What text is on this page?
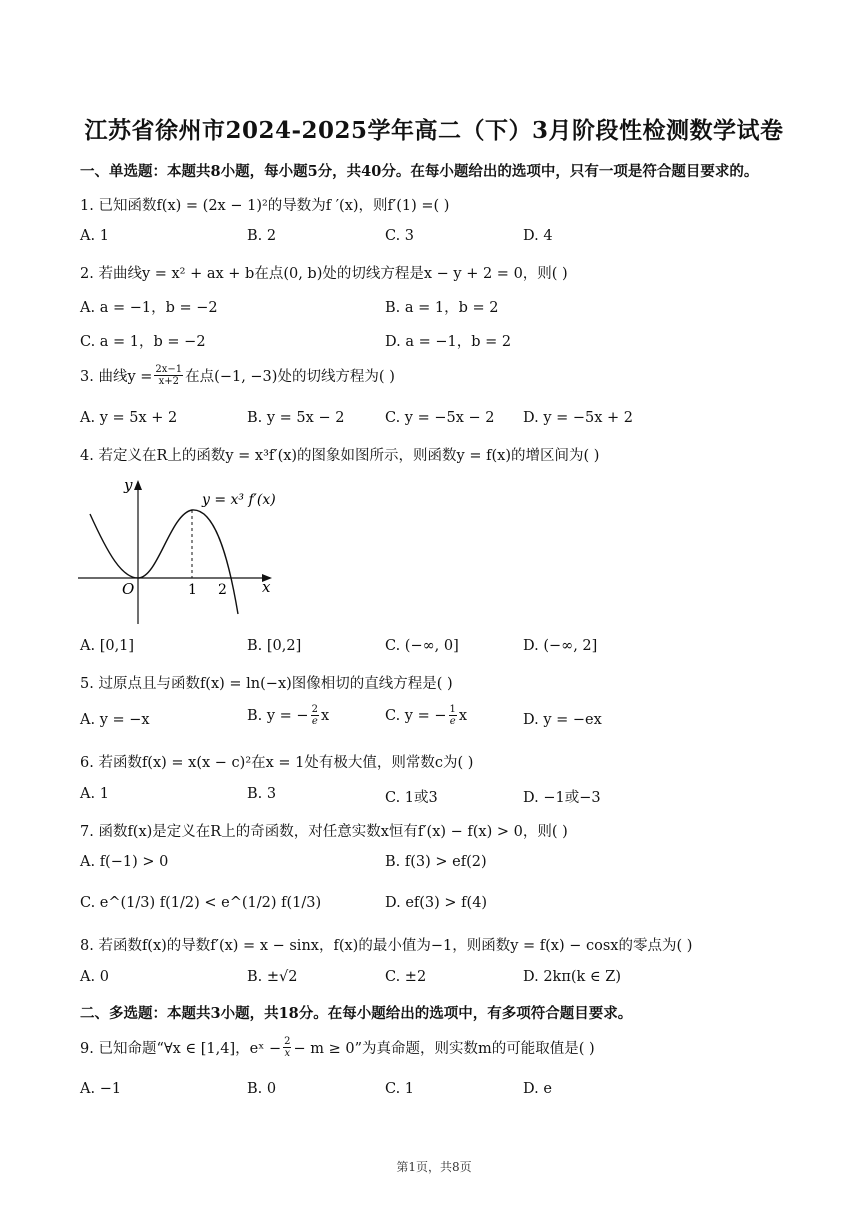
江苏省徐州市2024-2025学年高二（下）3月阶段性检测数学试卷
一、单选题：本题共8小题，每小题5分，共40分。在每小题给出的选项中，只有一项是符合题目要求的。
1. 已知函数f(x) = (2x − 1)²的导数为f ′(x)，则f′(1) =( )
A. 1	B. 2	C. 3	D. 4
2. 若曲线y = x² + ax + b在点(0, b)处的切线方程是x − y + 2 = 0，则( )
A. a = −1，b = −2	B. a = 1，b = 2
C. a = 1，b = −2	D. a = −1，b = 2
3. 曲线$y = \frac{2x-1}{x+2}$ 在点(−1, −3)处的切线方程为( )
A. y = 5x + 2	B. y = 5x − 2	C. y = −5x − 2 D. y = −5x + 2
4. 若定义在R上的函数y = x³f′(x)的图象如图所示，则函数y = f(x)的增区间为( )
y
x
O	1 2
y = x³ f′(x)
A. [0,1]	B. [0,2]	C. (−∞, 0]	D. (−∞, 2]
5. 过原点且与函数f(x) = ln(−x)图像相切的直线方程是( )
A. y = −x	B. y = − $\frac{2}{e}$ x	C. y = − $\frac{1}{e}$ x	D. y = −ex
6. 若函数f(x) = x(x − c)²在x = 1处有极大值，则常数c为( )
A. 1	B. 3	C. 1或3	D. −1或−3
7. 函数f(x)是定义在R上的奇函数，对任意实数x恒有f′(x) − f(x) > 0，则( )
A. f(−1) > 0	B. f(3) > ef(2)
C. e^(1/3) f(1/2) < e^(1/2) f(1/3)	D. ef(3) > f(4)
8. 若函数f(x)的导数f′(x) = x − sinx，f(x)的最小值为−1，则函数y = f(x) − cosx的零点为( )
A. 0	B. ±√2	C. ±2	D. 2kπ(k ∈ Z)
二、多选题：本题共3小题，共18分。在每小题给出的选项中，有多项符合题目要求。
9. 已知命题“∀x ∈ [1,4]，eˣ − $\frac{2}{x} - m \ge 0$”为真命题，则实数m的可能取值是( )
A. −1	B. 0	C. 1	D. e
第1页，共8页
